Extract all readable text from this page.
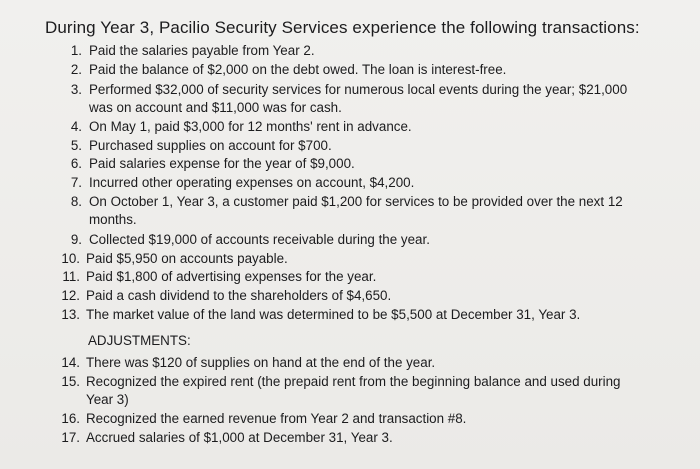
During Year 3, Pacilio Security Services experience the following transactions:
1. Paid the salaries payable from Year 2.
2. Paid the balance of $2,000 on the debt owed. The loan is interest-free.
3. Performed $32,000 of security services for numerous local events during the year; $21,000
was on account and $11,000 was for cash.
4. On May 1, paid $3,000 for 12 months' rent in advance.
5. Purchased supplies on account for $700.
6. Paid salaries expense for the year of $9,000.
7. Incurred other operating expenses on account, $4,200.
8. On October 1, Year 3, a customer paid $1,200 for services to be provided over the next 12
months.
9. Collected $19,000 of accounts receivable during the year.
10. Paid $5,950 on accounts payable.
11. Paid $1,800 of advertising expenses for the year.
12. Paid a cash dividend to the shareholders of $4,650.
13. The market value of the land was determined to be $5,500 at December 31, Year 3.
ADJUSTMENTS:
14. There was $120 of supplies on hand at the end of the year.
15. Recognized the expired rent (the prepaid rent from the beginning balance and used during
Year 3)
16. Recognized the earned revenue from Year 2 and transaction #8.
17. Accrued salaries of $1,000 at December 31, Year 3.
